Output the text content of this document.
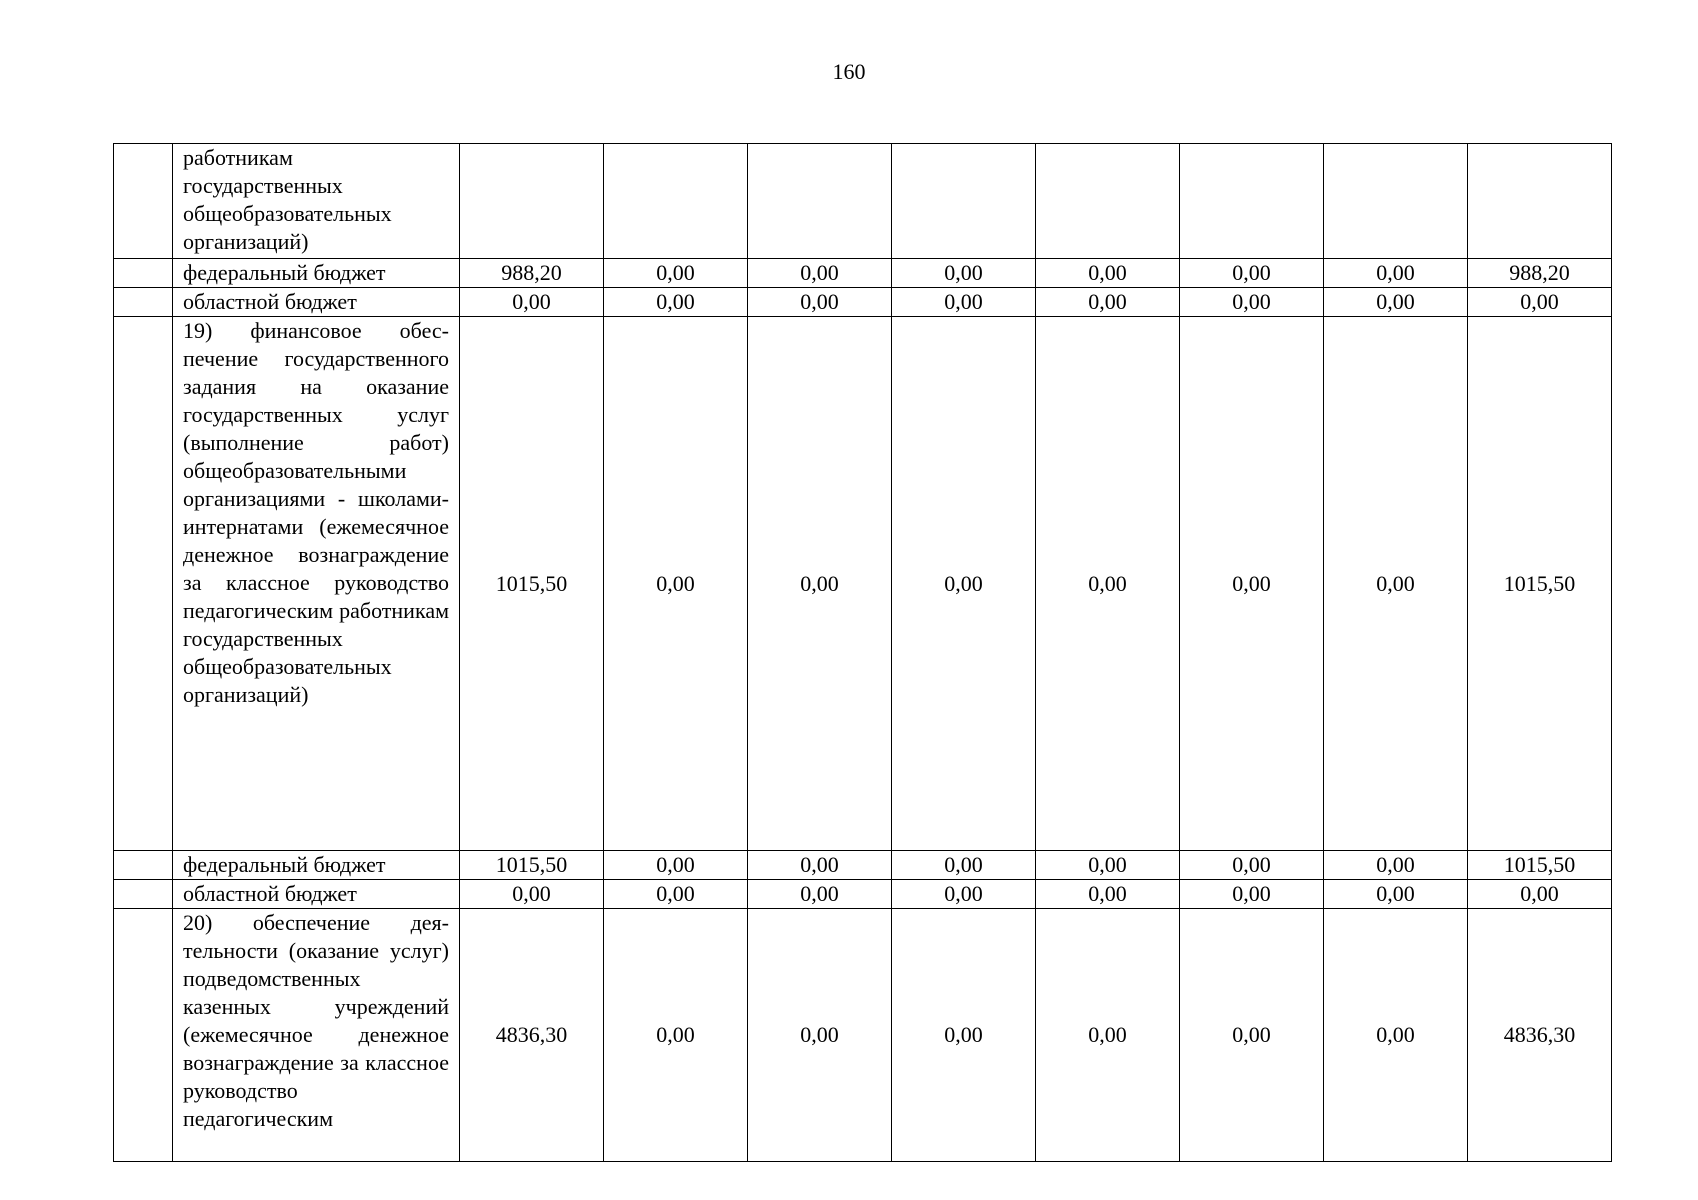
160
	работникам государственных общеобразовательных организаций)								
	федеральный бюджет	988,20	0,00	0,00	0,00	0,00	0,00	0,00	988,20
	областной бюджет	0,00	0,00	0,00	0,00	0,00	0,00	0,00	0,00
	19) финансовое обес-печение государственного задания на оказание государственных услуг (выполнение работ) общеобразовательными организациями - школами-интернатами (ежемесячное денежное вознаграждение за классное руководство педагогическим работникам государственных общеобразовательных организаций)	1015,50	0,00	0,00	0,00	0,00	0,00	0,00	1015,50
	федеральный бюджет	1015,50	0,00	0,00	0,00	0,00	0,00	0,00	1015,50
	областной бюджет	0,00	0,00	0,00	0,00	0,00	0,00	0,00	0,00
	20) обеспечение дея-тельности (оказание услуг) подведомственных казенных учреждений (ежемесячное денежное вознаграждение за классное руководство педагогическим	4836,30	0,00	0,00	0,00	0,00	0,00	0,00	4836,30
